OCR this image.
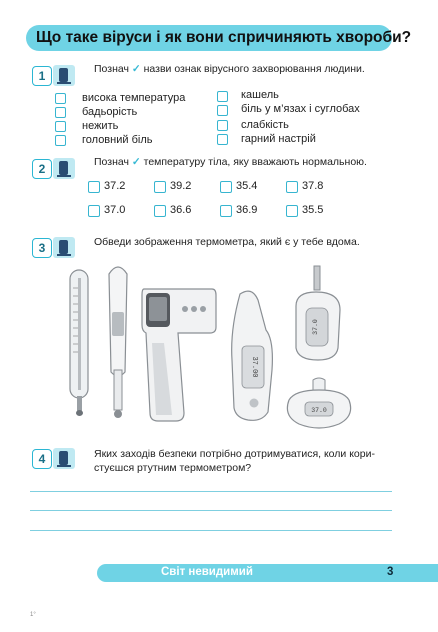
Що таке віруси і як вони спричиняють хвороби?
1	Познач ✓ назви ознак вірусного захворювання людини.
висока температура
бадьорість
нежить
головний біль
кашель
біль у м’язах і суглобах
слабкість
гарний настрій
2	Познач ✓ температуру тіла, яку вважають нормальною.
37.2	39.2	35.4	37.8
37.0	36.6	36.9	35.5
3	Обведи зображення термометра, який є у тебе вдома.
37.00
37.0
37.0
4	Яких заходів безпеки потрібно дотримуватися, коли кори-
стуєшся ртутним термометром?
Світ невидимий	3
1°
